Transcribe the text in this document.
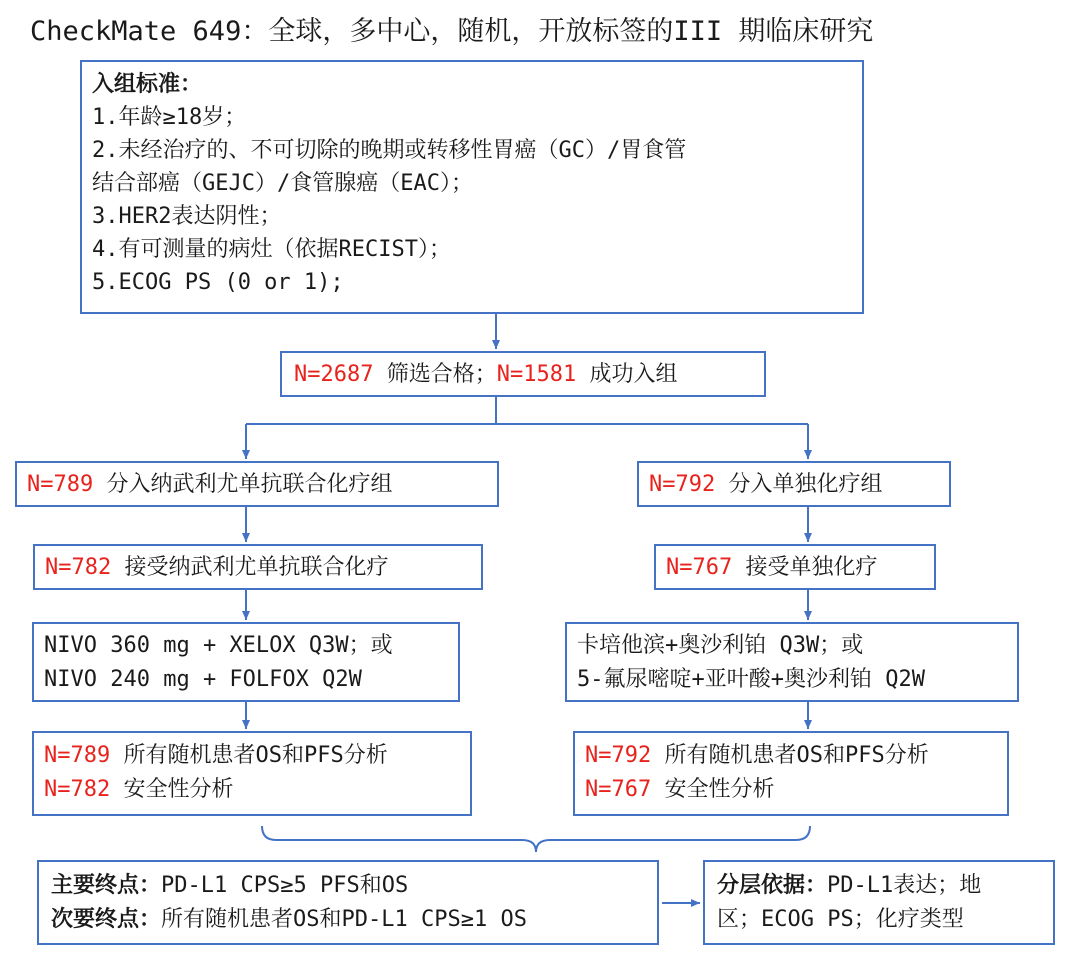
CheckMate 649：全球，多中心，随机，开放标签的III 期临床研究
入组标准：
1.年龄≥18岁；
2.未经治疗的、不可切除的晚期或转移性胃癌（GC）/胃食管
结合部癌（GEJC）/食管腺癌（EAC）；
3.HER2表达阴性；
4.有可测量的病灶（依据RECIST）；
5.ECOG PS (0 or 1);
N=2687 筛选合格；N=1581 成功入组
N=789 分入纳武利尤单抗联合化疗组
N=782 接受纳武利尤单抗联合化疗
NIVO 360 mg + XELOX Q3W；或
NIVO 240 mg + FOLFOX Q2W
N=789 所有随机患者OS和PFS分析
N=782 安全性分析
N=792 分入单独化疗组
N=767 接受单独化疗
卡培他滨+奥沙利铂 Q3W；或
5-氟尿嘧啶+亚叶酸+奥沙利铂 Q2W
N=792 所有随机患者OS和PFS分析
N=767 安全性分析
主要终点：PD-L1 CPS≥5 PFS和OS
次要终点：所有随机患者OS和PD-L1 CPS≥1 OS
分层依据：PD-L1表达；地
区；ECOG PS；化疗类型
